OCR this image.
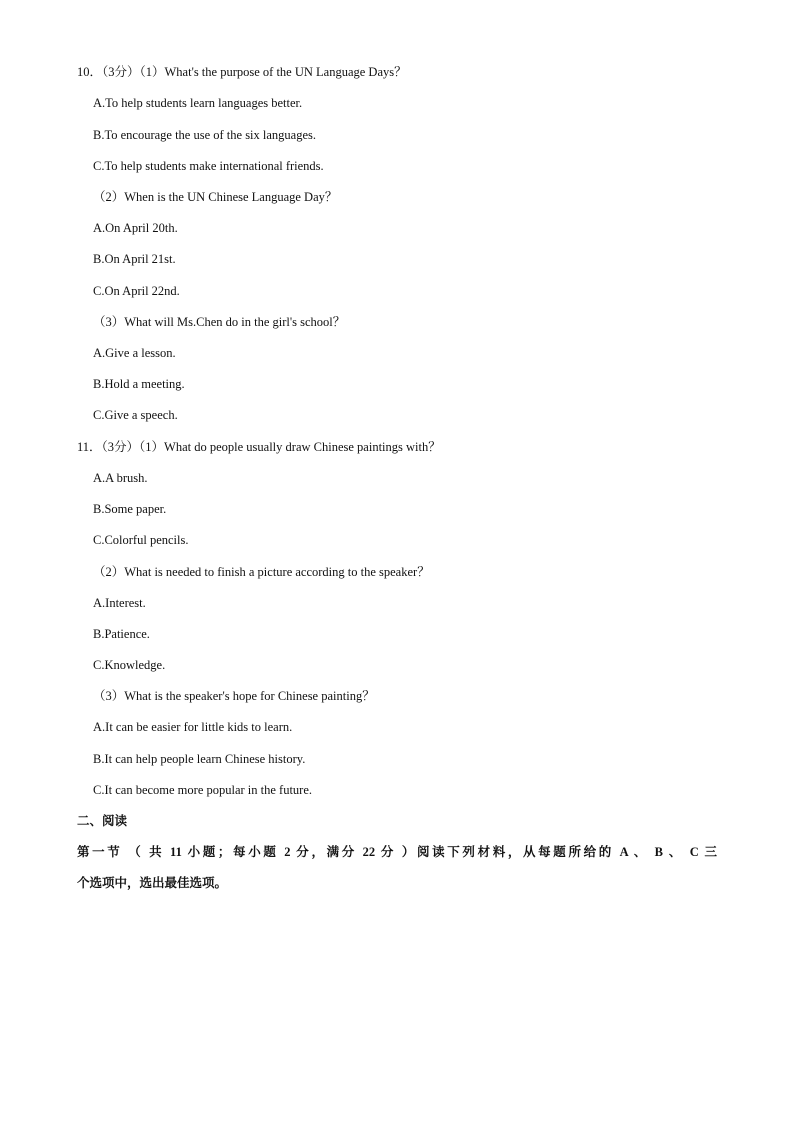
10．（3分）（1）What's the purpose of the UN Language Days？
A.To help students learn languages better.
B.To encourage the use of the six languages.
C.To help students make international friends.
（2）When is the UN Chinese Language Day？
A.On April 20th.
B.On April 21st.
C.On April 22nd.
（3）What will Ms.Chen do in the girl's school？
A.Give a lesson.
B.Hold a meeting.
C.Give a speech.
11．（3分）（1）What do people usually draw Chinese paintings with？
A.A brush.
B.Some paper.
C.Colorful pencils.
（2）What is needed to finish a picture according to the speaker？
A.Interest.
B.Patience.
C.Knowledge.
（3）What is the speaker's hope for Chinese painting？
A.It can be easier for little kids to learn.
B.It can help people learn Chinese history.
C.It can become more popular in the future.
二、阅读
第一节 （ 共 11 小题；每小题 2 分，满分 22 分 ）阅读下列材料，从每题所给的 A 、 B 、 C 三
个选项中，选出最佳选项。
